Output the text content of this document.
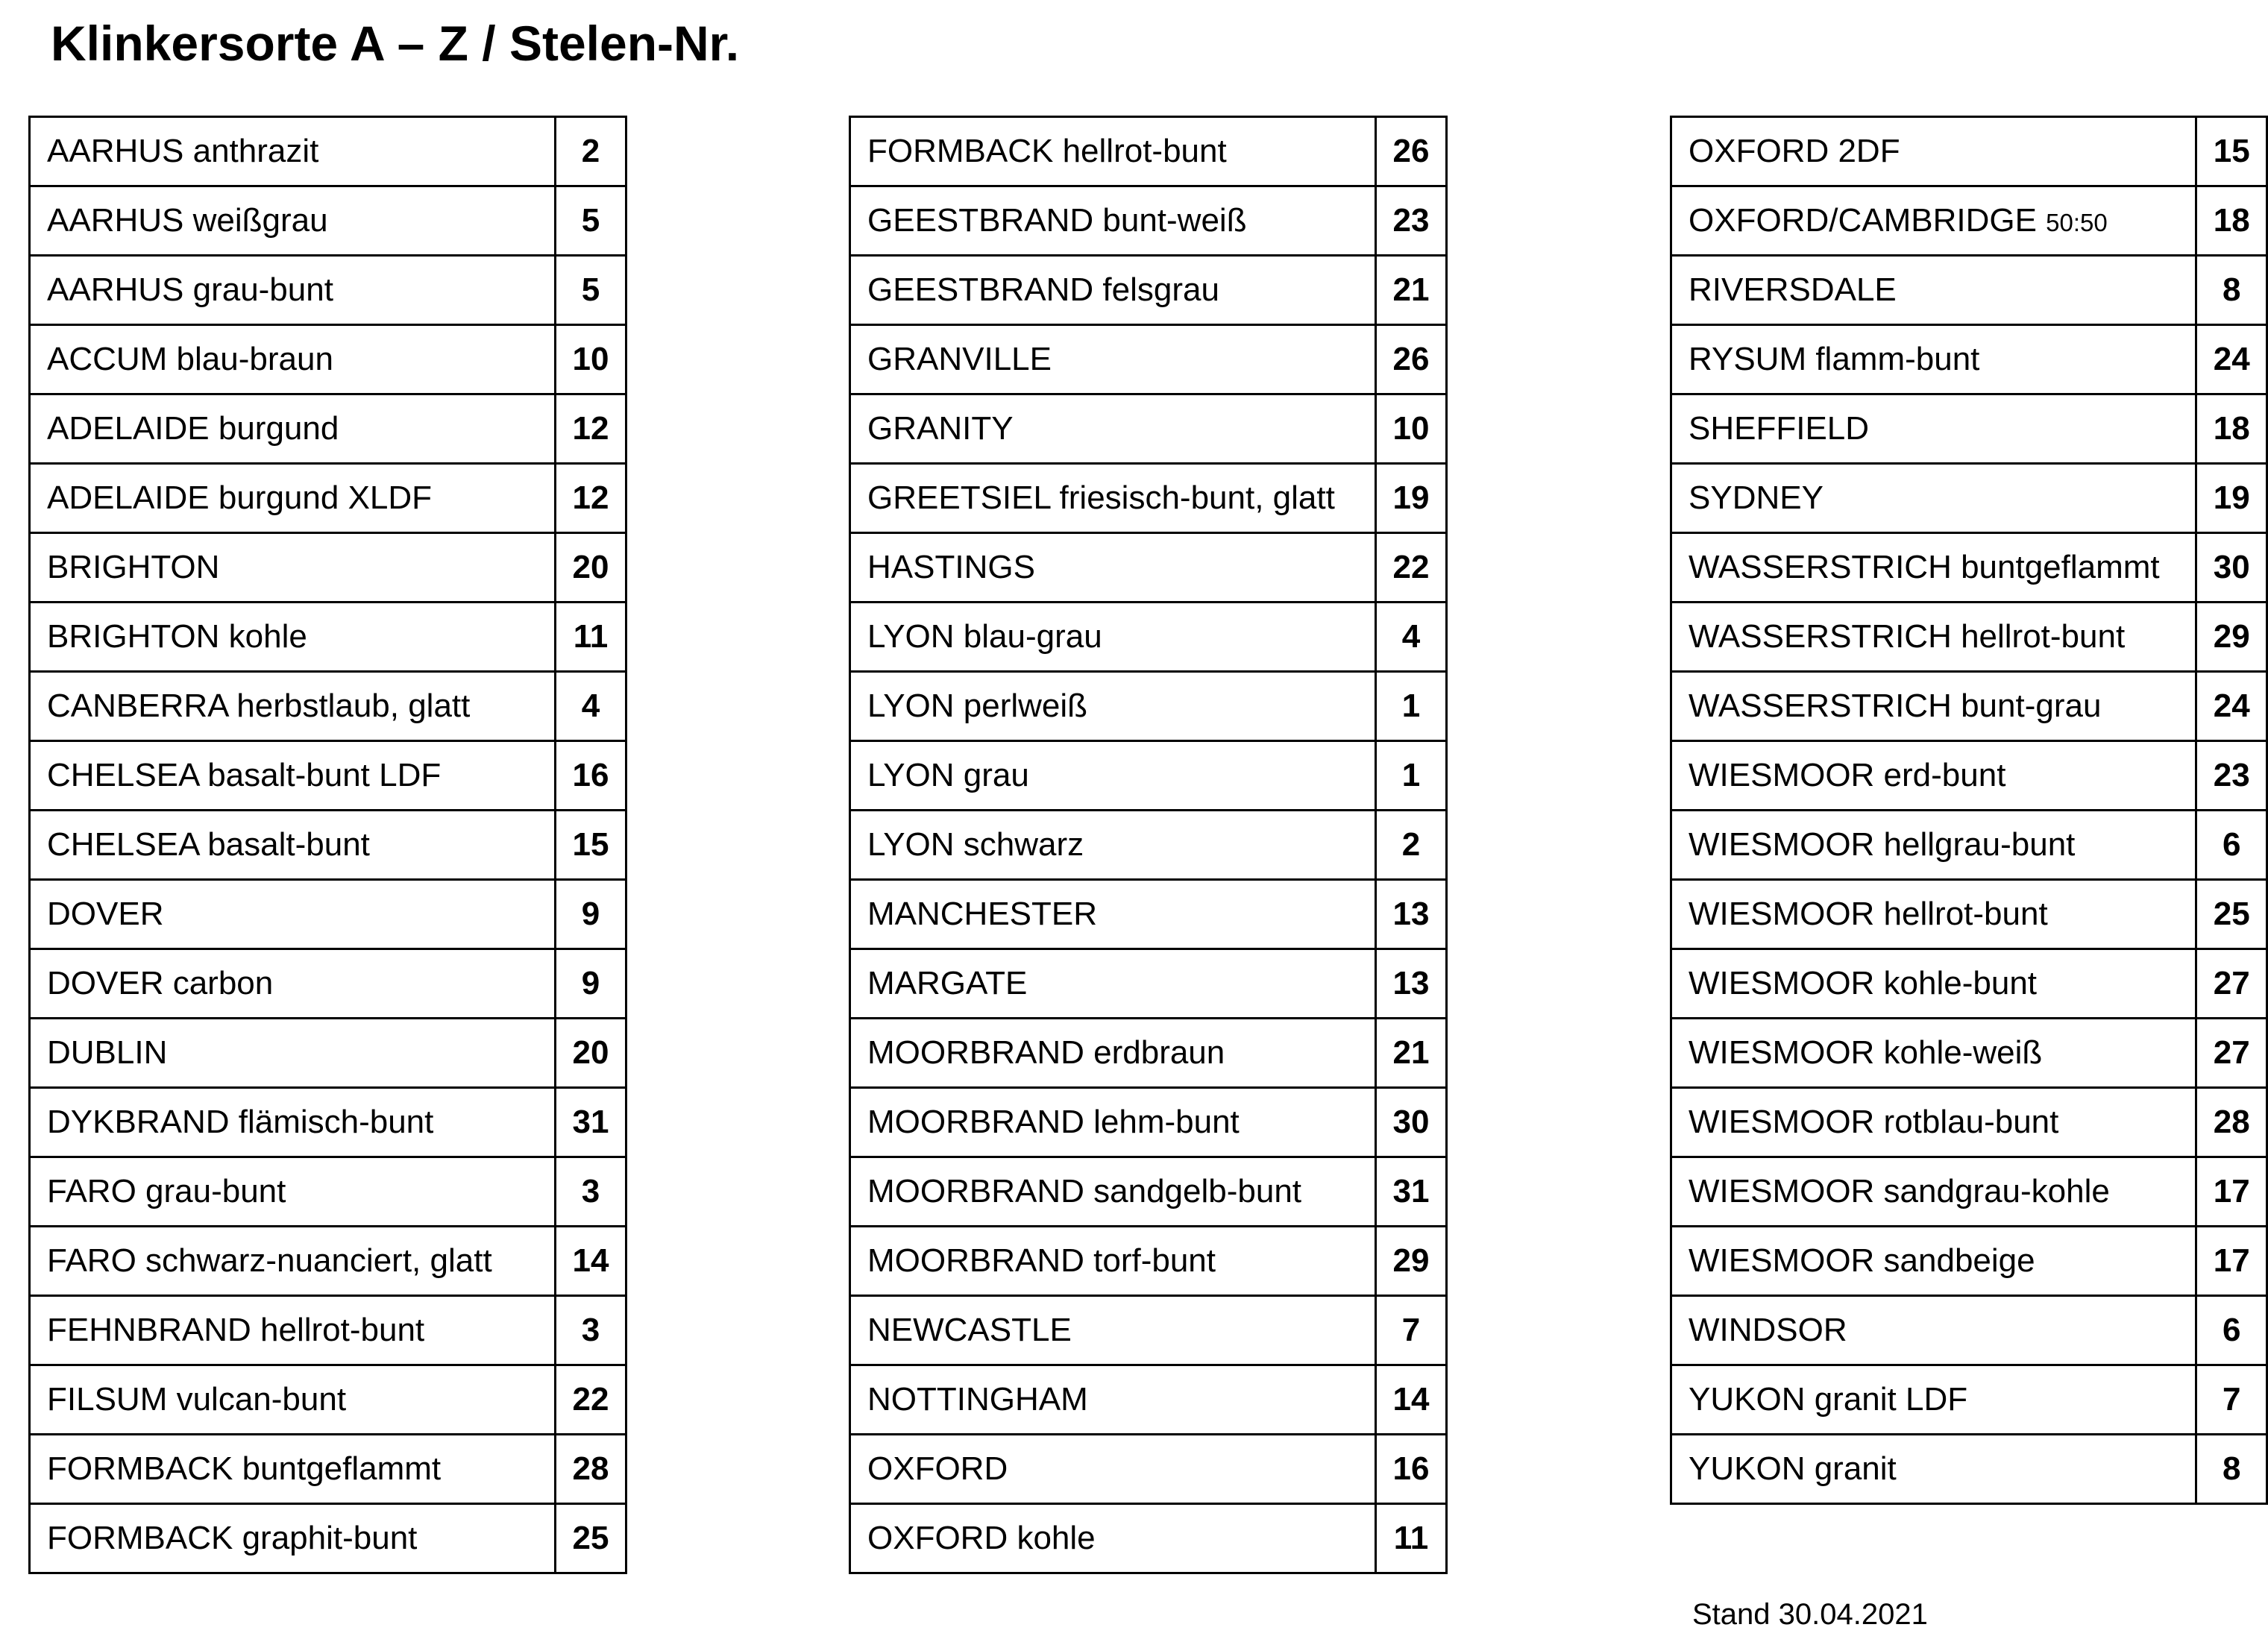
Klinkersorte A – Z / Stelen-Nr.
AARHUS anthrazit	2
AARHUS weißgrau	5
AARHUS grau-bunt	5
ACCUM blau-braun	10
ADELAIDE burgund	12
ADELAIDE burgund XLDF	12
BRIGHTON	20
BRIGHTON kohle	11
CANBERRA herbstlaub, glatt	4
CHELSEA basalt-bunt LDF	16
CHELSEA basalt-bunt	15
DOVER	9
DOVER carbon	9
DUBLIN	20
DYKBRAND flämisch-bunt	31
FARO grau-bunt	3
FARO schwarz-nuanciert, glatt	14
FEHNBRAND hellrot-bunt	3
FILSUM vulcan-bunt	22
FORMBACK buntgeflammt	28
FORMBACK graphit-bunt	25
FORMBACK hellrot-bunt	26
GEESTBRAND bunt-weiß	23
GEESTBRAND felsgrau	21
GRANVILLE	26
GRANITY	10
GREETSIEL friesisch-bunt, glatt	19
HASTINGS	22
LYON blau-grau	4
LYON perlweiß	1
LYON grau	1
LYON schwarz	2
MANCHESTER	13
MARGATE	13
MOORBRAND erdbraun	21
MOORBRAND lehm-bunt	30
MOORBRAND sandgelb-bunt	31
MOORBRAND torf-bunt	29
NEWCASTLE	7
NOTTINGHAM	14
OXFORD	16
OXFORD kohle	11
OXFORD 2DF	15
OXFORD/CAMBRIDGE 50:50	18
RIVERSDALE	8
RYSUM flamm-bunt	24
SHEFFIELD	18
SYDNEY	19
WASSERSTRICH buntgeflammt	30
WASSERSTRICH hellrot-bunt	29
WASSERSTRICH bunt-grau	24
WIESMOOR erd-bunt	23
WIESMOOR hellgrau-bunt	6
WIESMOOR hellrot-bunt	25
WIESMOOR kohle-bunt	27
WIESMOOR kohle-weiß	27
WIESMOOR rotblau-bunt	28
WIESMOOR sandgrau-kohle	17
WIESMOOR sandbeige	17
WINDSOR	6
YUKON granit LDF	7
YUKON granit	8
Stand 30.04.2021
